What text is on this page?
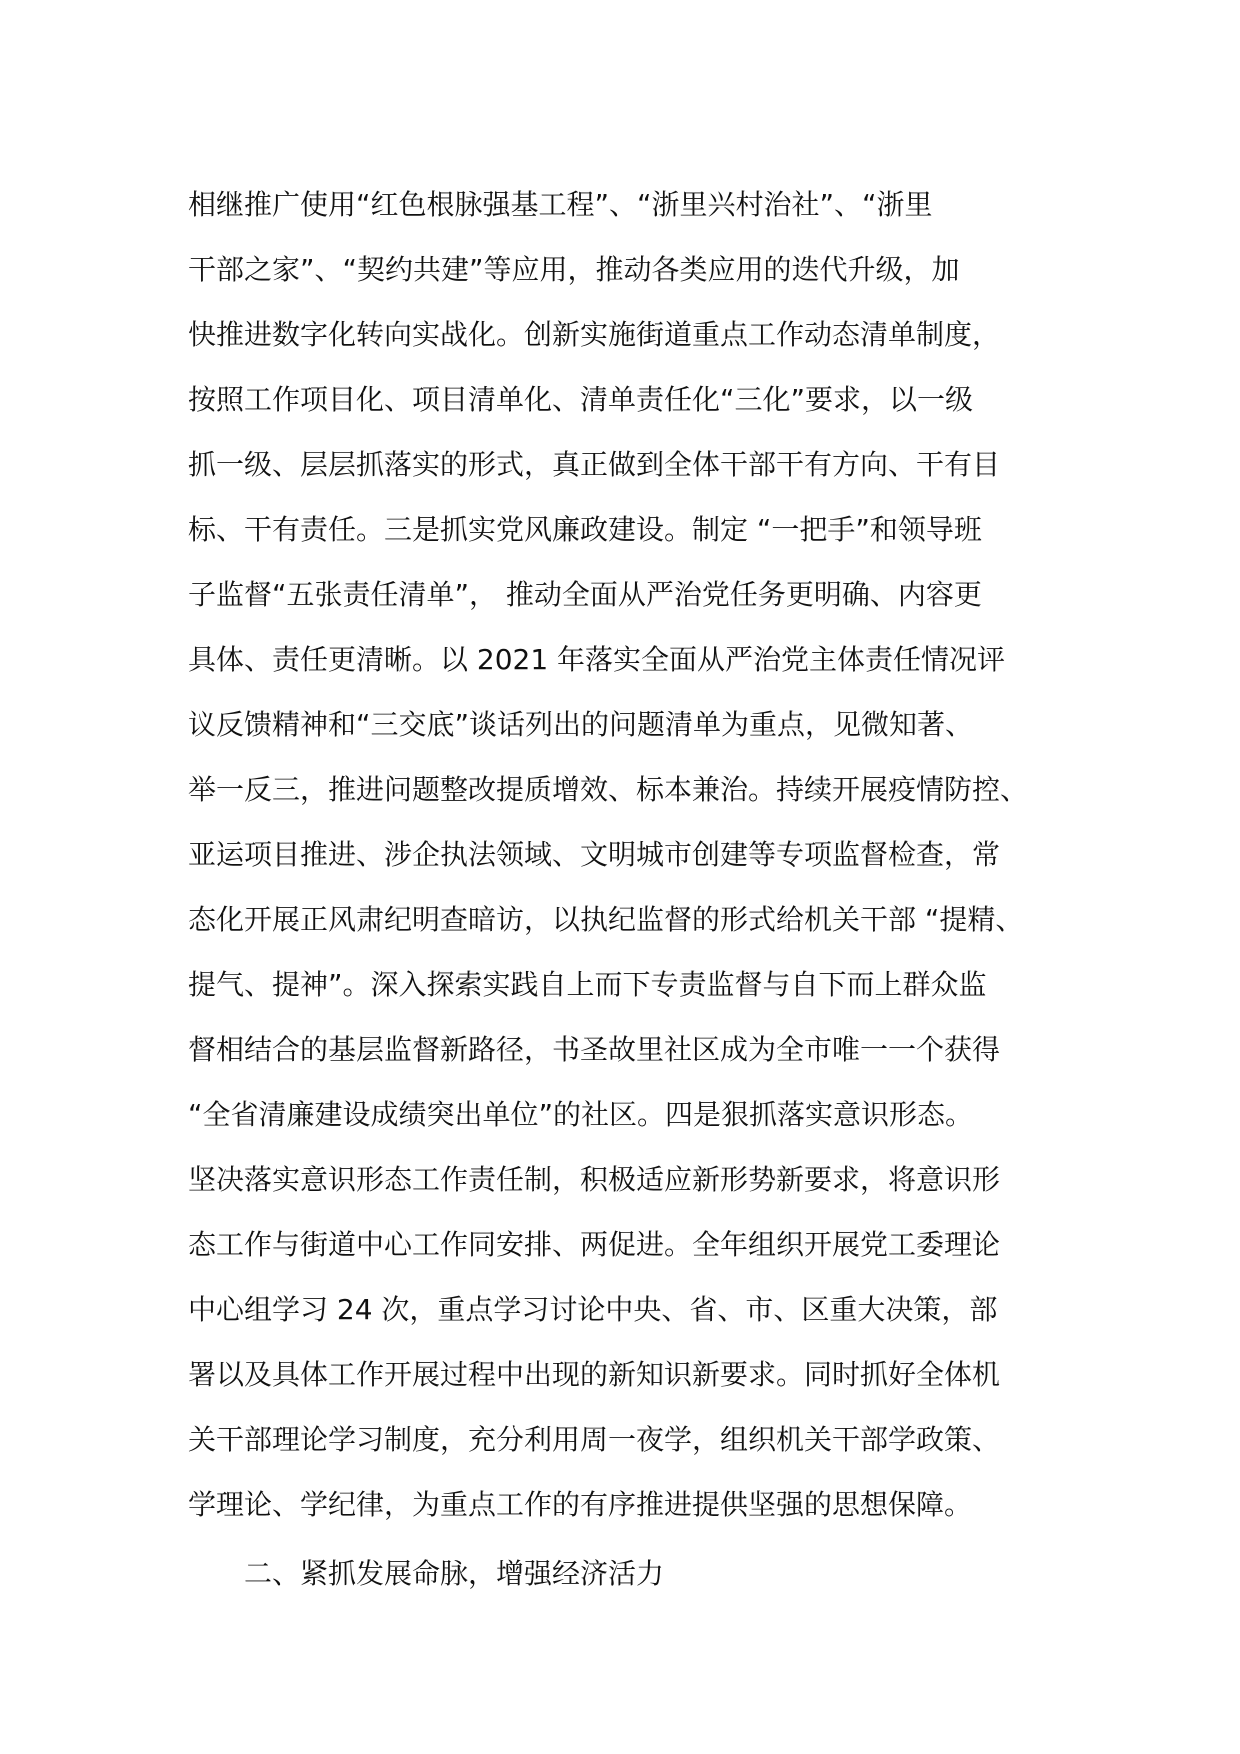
相继推广使用“红色根脉强基工程”、“浙里兴村治社”、“浙里
干部之家”、“契约共建”等应用，推动各类应用的迭代升级，加
快推进数字化转向实战化。创新实施街道重点工作动态清单制度，
按照工作项目化、项目清单化、清单责任化“三化”要求，以一级
抓一级、层层抓落实的形式，真正做到全体干部干有方向、干有目
标、干有责任。三是抓实党风廉政建设。制定 “一把手”和领导班
子监督“五张责任清单”， 推动全面从严治党任务更明确、内容更
具体、责任更清晰。以 2021 年落实全面从严治党主体责任情况评
议反馈精神和“三交底”谈话列出的问题清单为重点，见微知著、
举一反三，推进问题整改提质增效、标本兼治。持续开展疫情防控、
亚运项目推进、涉企执法领域、文明城市创建等专项监督检查，常
态化开展正风肃纪明查暗访，以执纪监督的形式给机关干部 “提精、
提气、提神”。深入探索实践自上而下专责监督与自下而上群众监
督相结合的基层监督新路径，书圣故里社区成为全市唯一一个获得
“全省清廉建设成绩突出单位”的社区。四是狠抓落实意识形态。
坚决落实意识形态工作责任制，积极适应新形势新要求，将意识形
态工作与街道中心工作同安排、两促进。全年组织开展党工委理论
中心组学习 24 次，重点学习讨论中央、省、市、区重大决策，部
署以及具体工作开展过程中出现的新知识新要求。同时抓好全体机
关干部理论学习制度，充分利用周一夜学，组织机关干部学政策、
学理论、学纪律，为重点工作的有序推进提供坚强的思想保障。
二、紧抓发展命脉，增强经济活力
